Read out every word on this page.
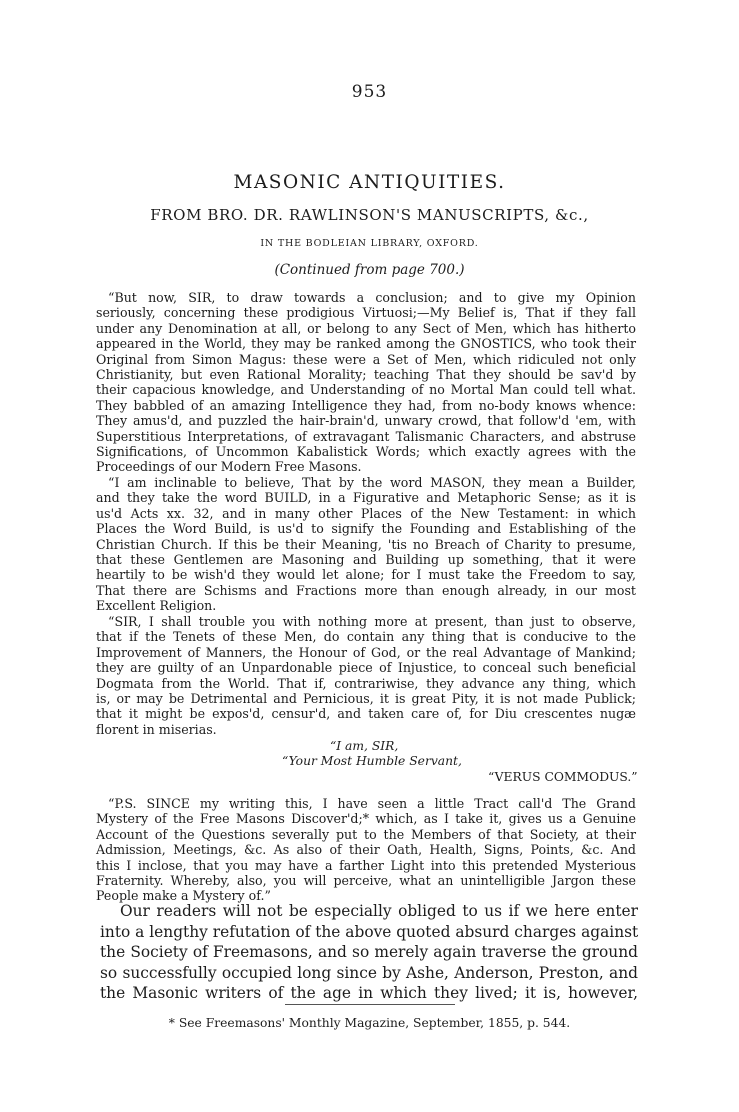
953
MASONIC ANTIQUITIES.
FROM BRO. DR. RAWLINSON'S MANUSCRIPTS, &c.,
IN THE BODLEIAN LIBRARY, OXFORD.
(Continued from page 700.)
“But now, SIR, to draw towards a conclusion; and to give my Opinion
seriously, concerning these prodigious Virtuosi;—My Belief is, That if they fall
under any Denomination at all, or belong to any Sect of Men, which has hitherto
appeared in the World, they may be ranked among the GNOSTICS, who took their
Original from Simon Magus: these were a Set of Men, which ridiculed not only
Christianity, but even Rational Morality; teaching That they should be sav'd by
their capacious knowledge, and Understanding of no Mortal Man could tell what.
They babbled of an amazing Intelligence they had, from no-body knows whence:
They amus'd, and puzzled the hair-brain'd, unwary crowd, that follow'd 'em, with
Superstitious Interpretations, of extravagant Talismanic Characters, and abstruse
Significations, of Uncommon Kabalistick Words; which exactly agrees with the
Proceedings of our Modern Free Masons.
“I am inclinable to believe, That by the word MASON, they mean a Builder,
and they take the word BUILD, in a Figurative and Metaphoric Sense; as it is
us'd Acts xx. 32, and in many other Places of the New Testament: in which
Places the Word Build, is us'd to signify the Founding and Establishing of the
Christian Church. If this be their Meaning, 'tis no Breach of Charity to presume,
that these Gentlemen are Masoning and Building up something, that it were
heartily to be wish'd they would let alone; for I must take the Freedom to say,
That there are Schisms and Fractions more than enough already, in our most
Excellent Religion.
“SIR, I shall trouble you with nothing more at present, than just to observe,
that if the Tenets of these Men, do contain any thing that is conducive to the
Improvement of Manners, the Honour of God, or the real Advantage of Mankind;
they are guilty of an Unpardonable piece of Injustice, to conceal such beneficial
Dogmata from the World. That if, contrariwise, they advance any thing, which
is, or may be Detrimental and Pernicious, it is great Pity, it is not made Publick;
that it might be expos'd, censur'd, and taken care of, for Diu crescentes nugæ
florent in miserias.
“I am, SIR,
“Your Most Humble Servant,
“VERUS COMMODUS.”
“P.S. SINCE my writing this, I have seen a little Tract call'd The Grand
Mystery of the Free Masons Discover'd;* which, as I take it, gives us a Genuine
Account of the Questions severally put to the Members of that Society, at their
Admission, Meetings, &c. As also of their Oath, Health, Signs, Points, &c. And
this I inclose, that you may have a farther Light into this pretended Mysterious
Fraternity. Whereby, also, you will perceive, what an unintelligible Jargon these
People make a Mystery of.”
Our readers will not be especially obliged to us if we here enter
into a lengthy refutation of the above quoted absurd charges against
the Society of Freemasons, and so merely again traverse the ground
so successfully occupied long since by Ashe, Anderson, Preston, and
the Masonic writers of the age in which they lived; it is, however,
* See Freemasons' Monthly Magazine, September, 1855, p. 544.
